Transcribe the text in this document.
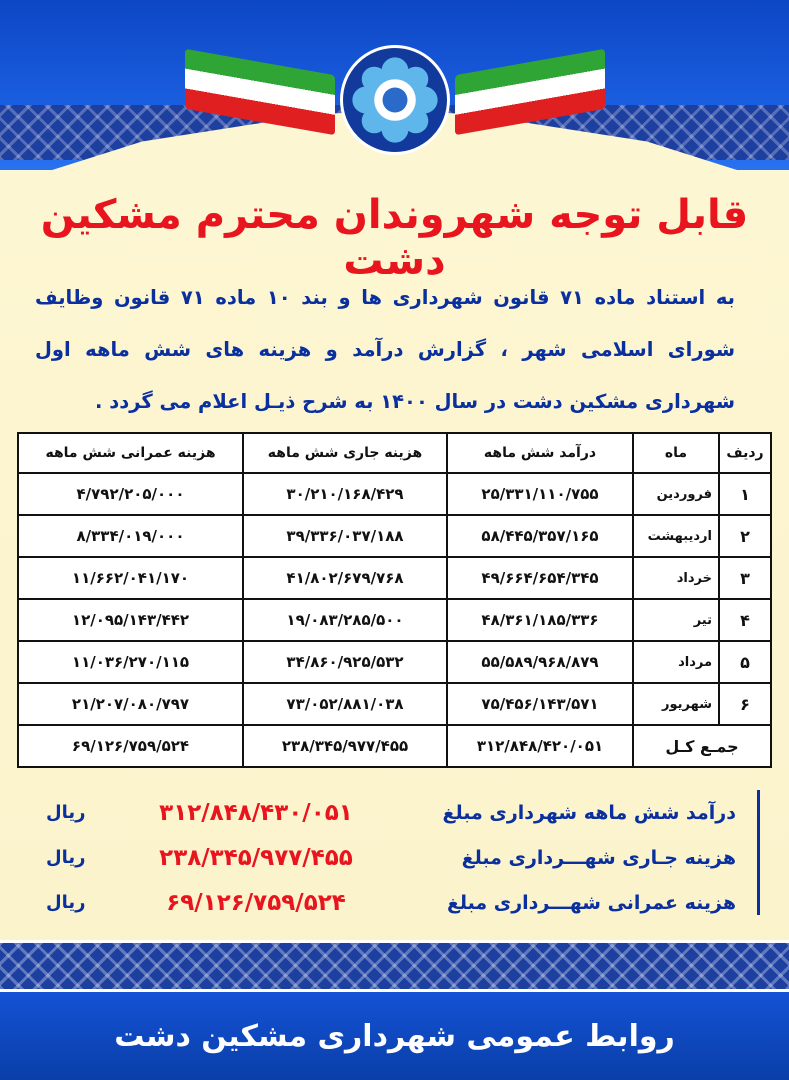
قابل توجه شهروندان محترم مشکین دشت
به استناد ماده ۷۱ قانون شهرداری ها و بند ۱۰ ماده ۷۱ قانون وظایف شورای اسلامی شهر ، گزارش درآمد و هزینه های شش ماهه اول شهرداری مشکین دشت در سال ۱۴۰۰ به شرح ذیـل اعلام می گردد .
ردیف	ماه	درآمد شش ماهه	هزینه جاری شش ماهه	هزینه عمرانی شش ماهه
۱	فروردین	۲۵/۳۳۱/۱۱۰/۷۵۵	۳۰/۲۱۰/۱۶۸/۴۲۹	۴/۷۹۲/۲۰۵/۰۰۰
۲	اردیبهشت	۵۸/۴۴۵/۳۵۷/۱۶۵	۳۹/۳۳۶/۰۳۷/۱۸۸	۸/۳۳۴/۰۱۹/۰۰۰
۳	خرداد	۴۹/۶۶۴/۶۵۴/۳۴۵	۴۱/۸۰۲/۶۷۹/۷۶۸	۱۱/۶۶۲/۰۴۱/۱۷۰
۴	تیر	۴۸/۳۶۱/۱۸۵/۳۳۶	۱۹/۰۸۳/۲۸۵/۵۰۰	۱۲/۰۹۵/۱۴۳/۴۴۲
۵	مرداد	۵۵/۵۸۹/۹۶۸/۸۷۹	۳۴/۸۶۰/۹۲۵/۵۳۲	۱۱/۰۳۶/۲۷۰/۱۱۵
۶	شهریور	۷۵/۴۵۶/۱۴۳/۵۷۱	۷۳/۰۵۲/۸۸۱/۰۳۸	۲۱/۲۰۷/۰۸۰/۷۹۷
جمـع کـل		۳۱۲/۸۴۸/۴۲۰/۰۵۱	۲۳۸/۳۴۵/۹۷۷/۴۵۵	۶۹/۱۲۶/۷۵۹/۵۲۴
درآمد شش ماهه شهرداری مبلغ
۳۱۲/۸۴۸/۴۳۰/۰۵۱
ریال
هزینه جـاری شهـــرداری مبلغ
۲۳۸/۳۴۵/۹۷۷/۴۵۵
ریال
هزینه عمرانی شهـــرداری مبلغ
۶۹/۱۲۶/۷۵۹/۵۲۴
ریال
روابط عمومی شهرداری مشکین دشت
